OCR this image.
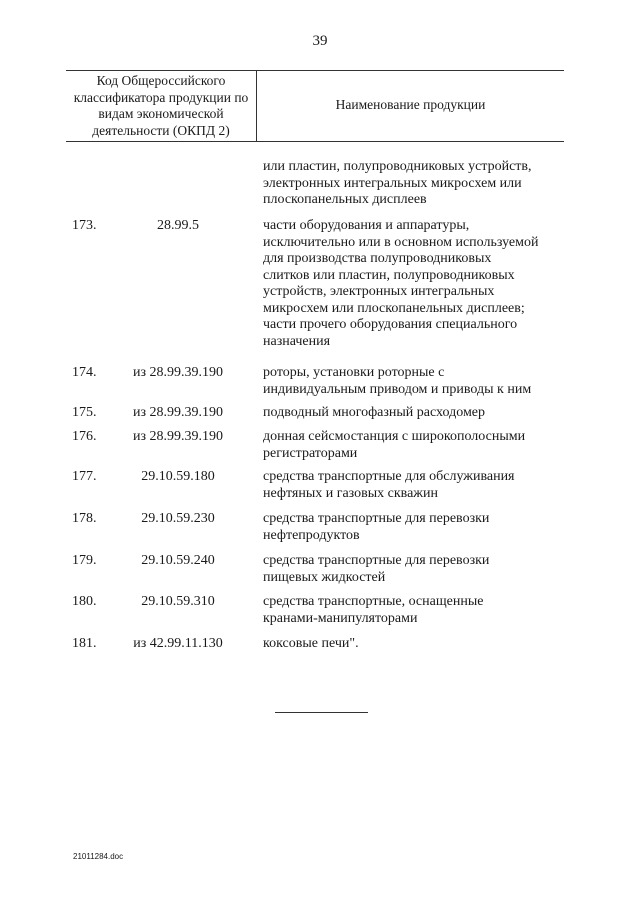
39
Код Общероссийского классификатора продукции по видам экономической деятельности (ОКПД 2)
Наименование продукции
или пластин, полупроводниковых устройств,
электронных интегральных микросхем или
плоскопанельных дисплеев
173.	28.99.5	части оборудования и аппаратуры,
исключительно или в основном используемой
для производства полупроводниковых
слитков или пластин, полупроводниковых
устройств, электронных интегральных
микросхем или плоскопанельных дисплеев;
части прочего оборудования специального
назначения
174.	из 28.99.39.190	роторы, установки роторные с
индивидуальным приводом и приводы к ним
175.	из 28.99.39.190	подводный многофазный расходомер
176.	из 28.99.39.190	донная сейсмостанция с широкополосными
регистраторами
177.	29.10.59.180	средства транспортные для обслуживания
нефтяных и газовых скважин
178.	29.10.59.230	средства транспортные для перевозки
нефтепродуктов
179.	29.10.59.240	средства транспортные для перевозки
пищевых жидкостей
180.	29.10.59.310	средства транспортные, оснащенные
кранами-манипуляторами
181.	из 42.99.11.130	коксовые печи".
21011284.doc
